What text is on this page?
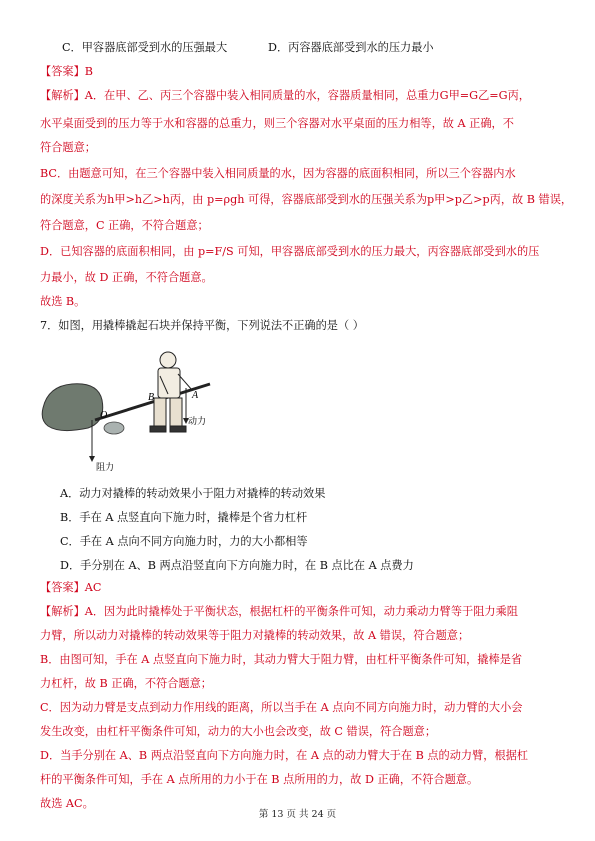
C．甲容器底部受到水的压强最大	D．丙容器底部受到水的压力最小
【答案】B
【解析】A．在甲、乙、丙三个容器中装入相同质量的水，容器质量相同，总重力G甲=G乙=G丙，
水平桌面受到的压力等于水和容器的总重力，则三个容器对水平桌面的压力相等，故 A 正确，不
符合题意；
BC．由题意可知，在三个容器中装入相同质量的水，因为容器的底面积相同，所以三个容器内水
的深度关系为h甲>h乙>h丙，由 p=ρgh 可得，容器底部受到水的压强关系为p甲>p乙>p丙，故 B 错误，
符合题意，C 正确，不符合题意；
D．已知容器的底面积相同，由 p=F/S 可知，甲容器底部受到水的压力最大，丙容器底部受到水的压
力最小，故 D 正确，不符合题意。
故选 B。
7．如图，用撬棒撬起石块并保持平衡，下列说法不正确的是（ ）
O
B	A
动力
阻力
A．动力对撬棒的转动效果小于阻力对撬棒的转动效果
B．手在 A 点竖直向下施力时，撬棒是个省力杠杆
C．手在 A 点向不同方向施力时，力的大小都相等
D．手分别在 A、B 两点沿竖直向下方向施力时，在 B 点比在 A 点费力
【答案】AC
【解析】A．因为此时撬棒处于平衡状态，根据杠杆的平衡条件可知，动力乘动力臂等于阻力乘阻
力臂，所以动力对撬棒的转动效果等于阻力对撬棒的转动效果，故 A 错误，符合题意；
B．由图可知，手在 A 点竖直向下施力时，其动力臂大于阻力臂，由杠杆平衡条件可知，撬棒是省
力杠杆，故 B 正确，不符合题意；
C．因为动力臂是支点到动力作用线的距离，所以当手在 A 点向不同方向施力时，动力臂的大小会
发生改变，由杠杆平衡条件可知，动力的大小也会改变，故 C 错误，符合题意；
D．当手分别在 A、B 两点沿竖直向下方向施力时，在 A 点的动力臂大于在 B 点的动力臂，根据杠
杆的平衡条件可知，手在 A 点所用的力小于在 B 点所用的力，故 D 正确，不符合题意。
故选 AC。
第 13 页 共 24 页
